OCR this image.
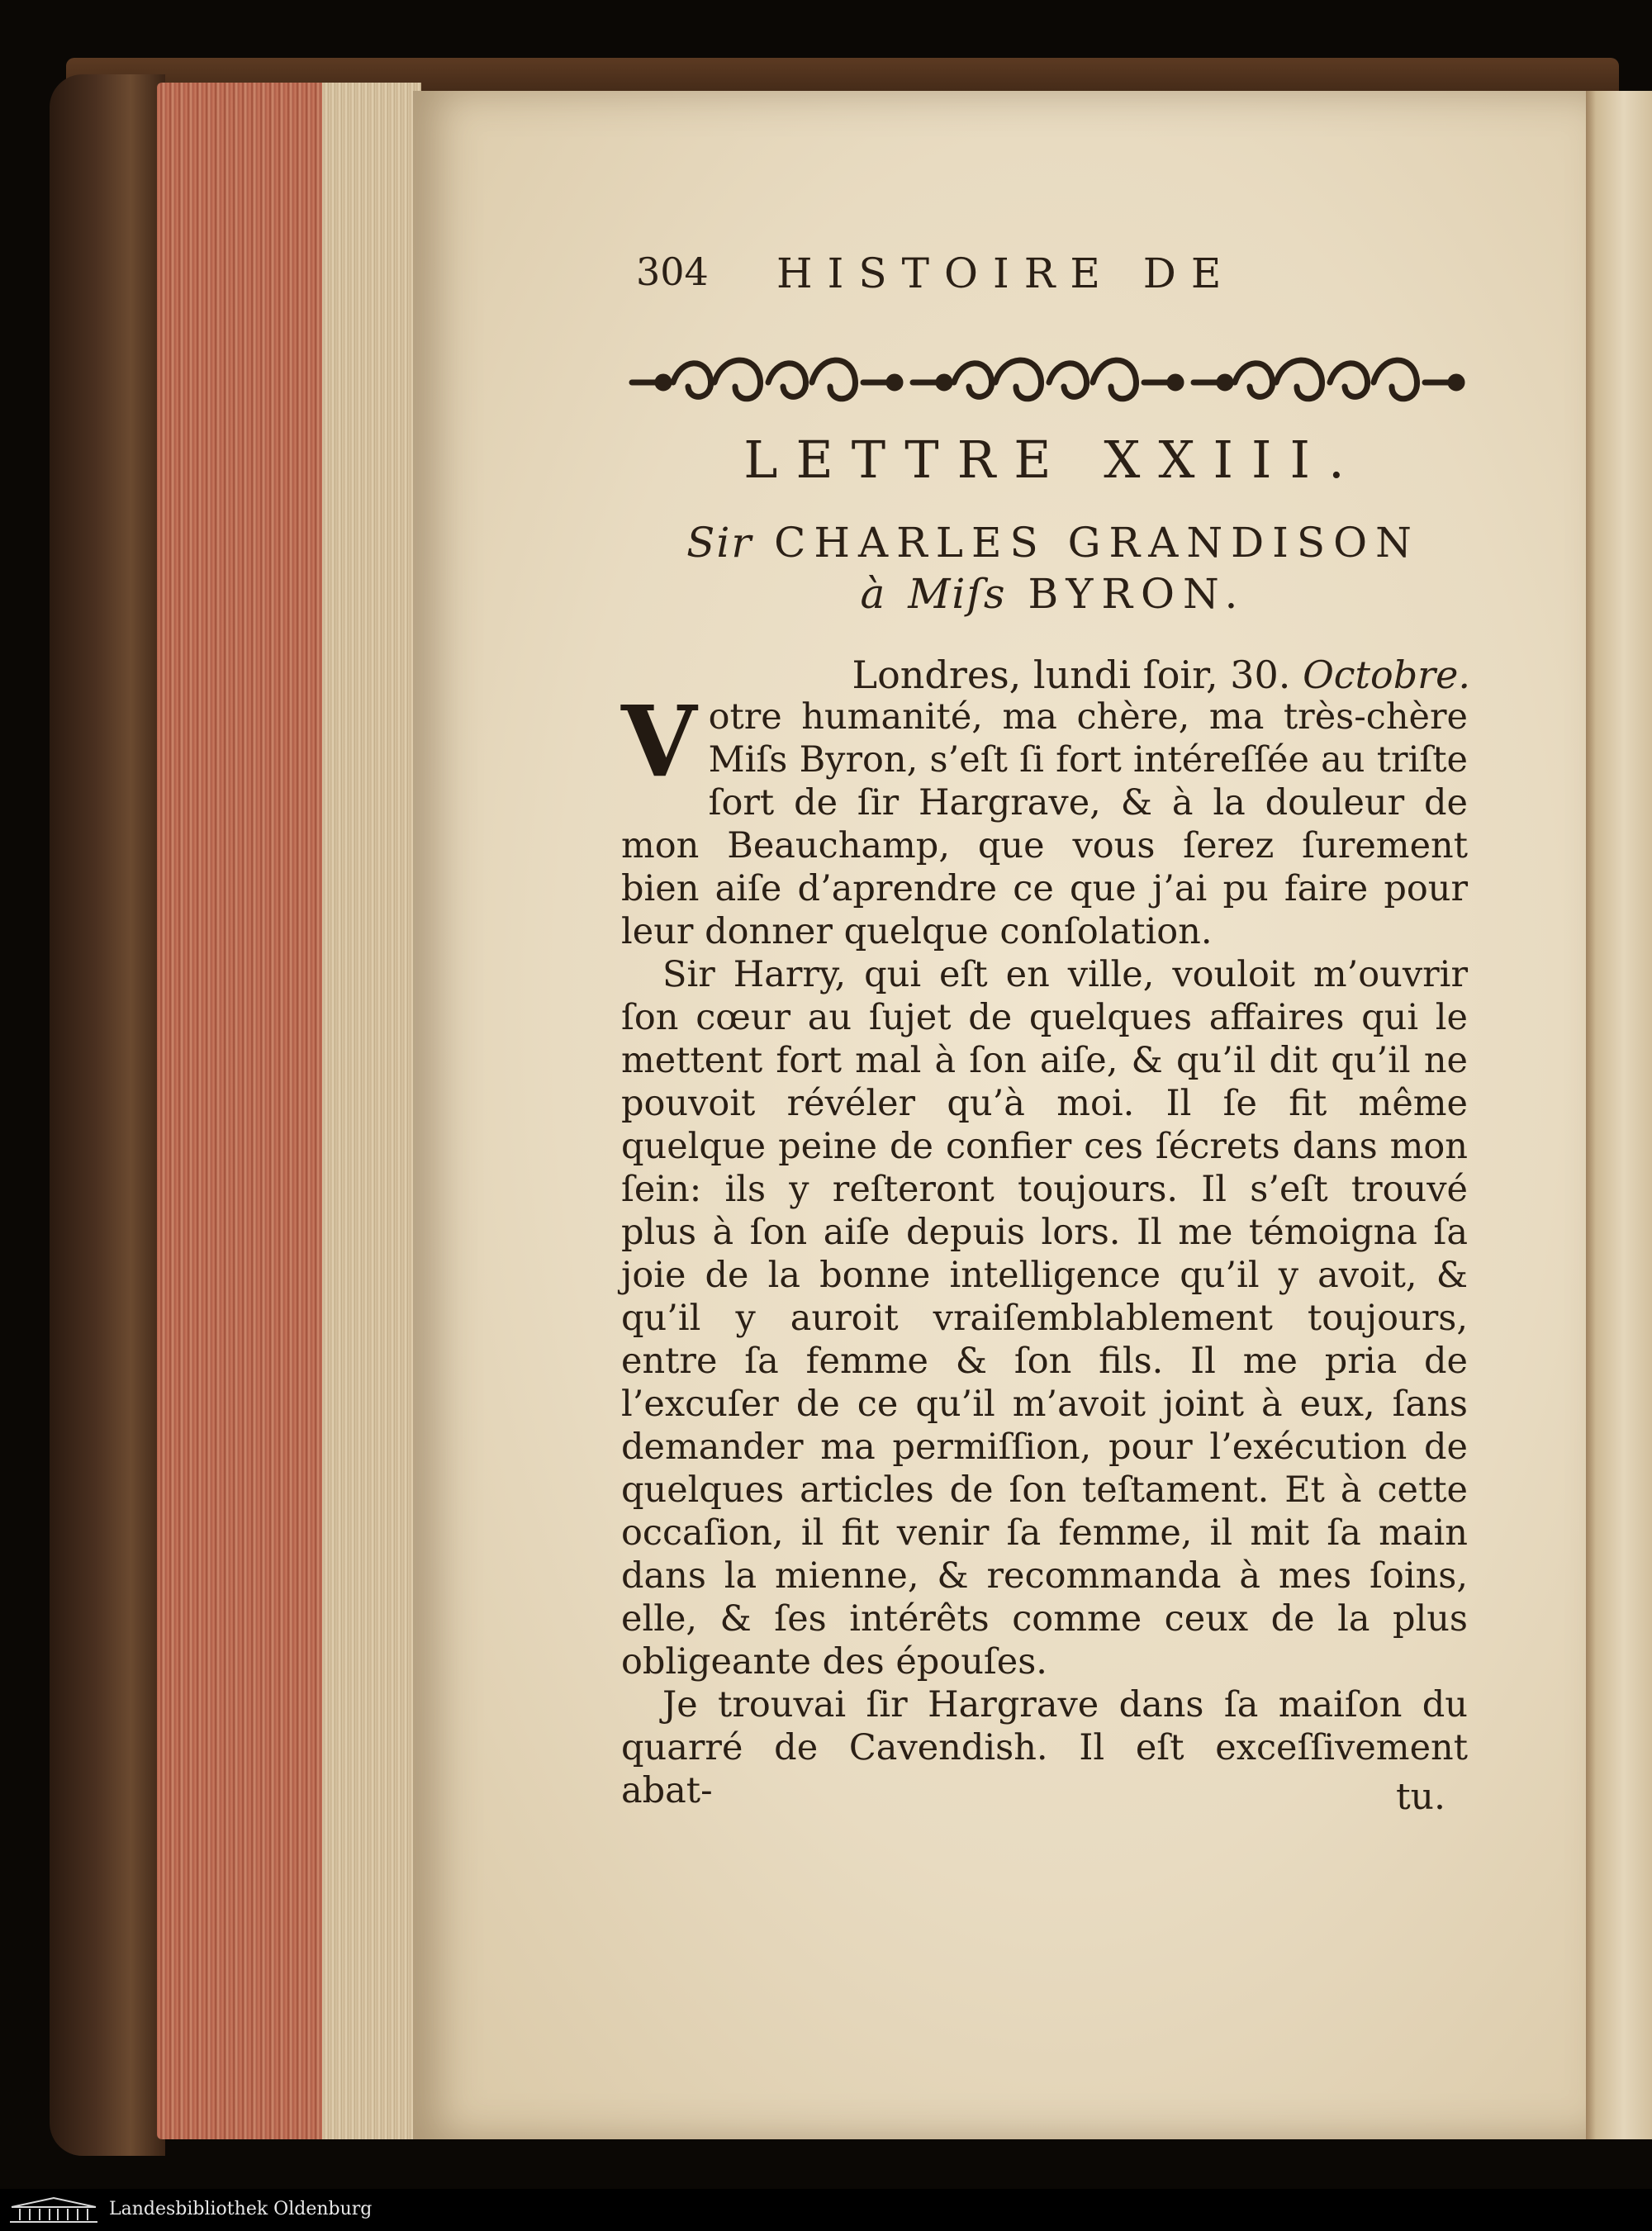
304 HISTOIRE DE
LETTRE XXIII.
Sir CHARLES GRANDISON
à Miſs BYRON.
Londres, lundi ſoir, 30. Octobre.

Votre humanité, ma chère, ma très-chère Miſs Byron, s’eſt ſi fort intéreſſée au triſte ſort de ſir Hargrave, & à la douleur de mon Beauchamp, que vous ſerez ſurement bien aiſe d’aprendre ce que j’ai pu faire pour leur donner quelque conſolation.

Sir Harry, qui eſt en ville, vouloit m’ouvrir ſon cœur au ſujet de quelques affaires qui le mettent fort mal à ſon aiſe, & qu’il dit qu’il ne pouvoit révéler qu’à moi. Il ſe fit même quelque peine de confier ces ſécrets dans mon ſein: ils y reſteront toujours. Il s’eſt trouvé plus à ſon aiſe depuis lors. Il me témoigna ſa joie de la bonne intelligence qu’il y avoit, & qu’il y auroit vraiſemblablement toujours, entre ſa femme & ſon fils. Il me pria de l’excuſer de ce qu’il m’avoit joint à eux, ſans demander ma permiſſion, pour l’exécution de quelques articles de ſon teſtament. Et à cette occaſion, il fit venir ſa femme, il mit ſa main dans la mienne, & recommanda à mes ſoins, elle, & ſes intérêts comme ceux de la plus obligeante des épouſes.

Je trouvai ſir Hargrave dans ſa maiſon du quarré de Cavendish. Il eſt exceſſivement abat-	tu.
Landesbibliothek Oldenburg
